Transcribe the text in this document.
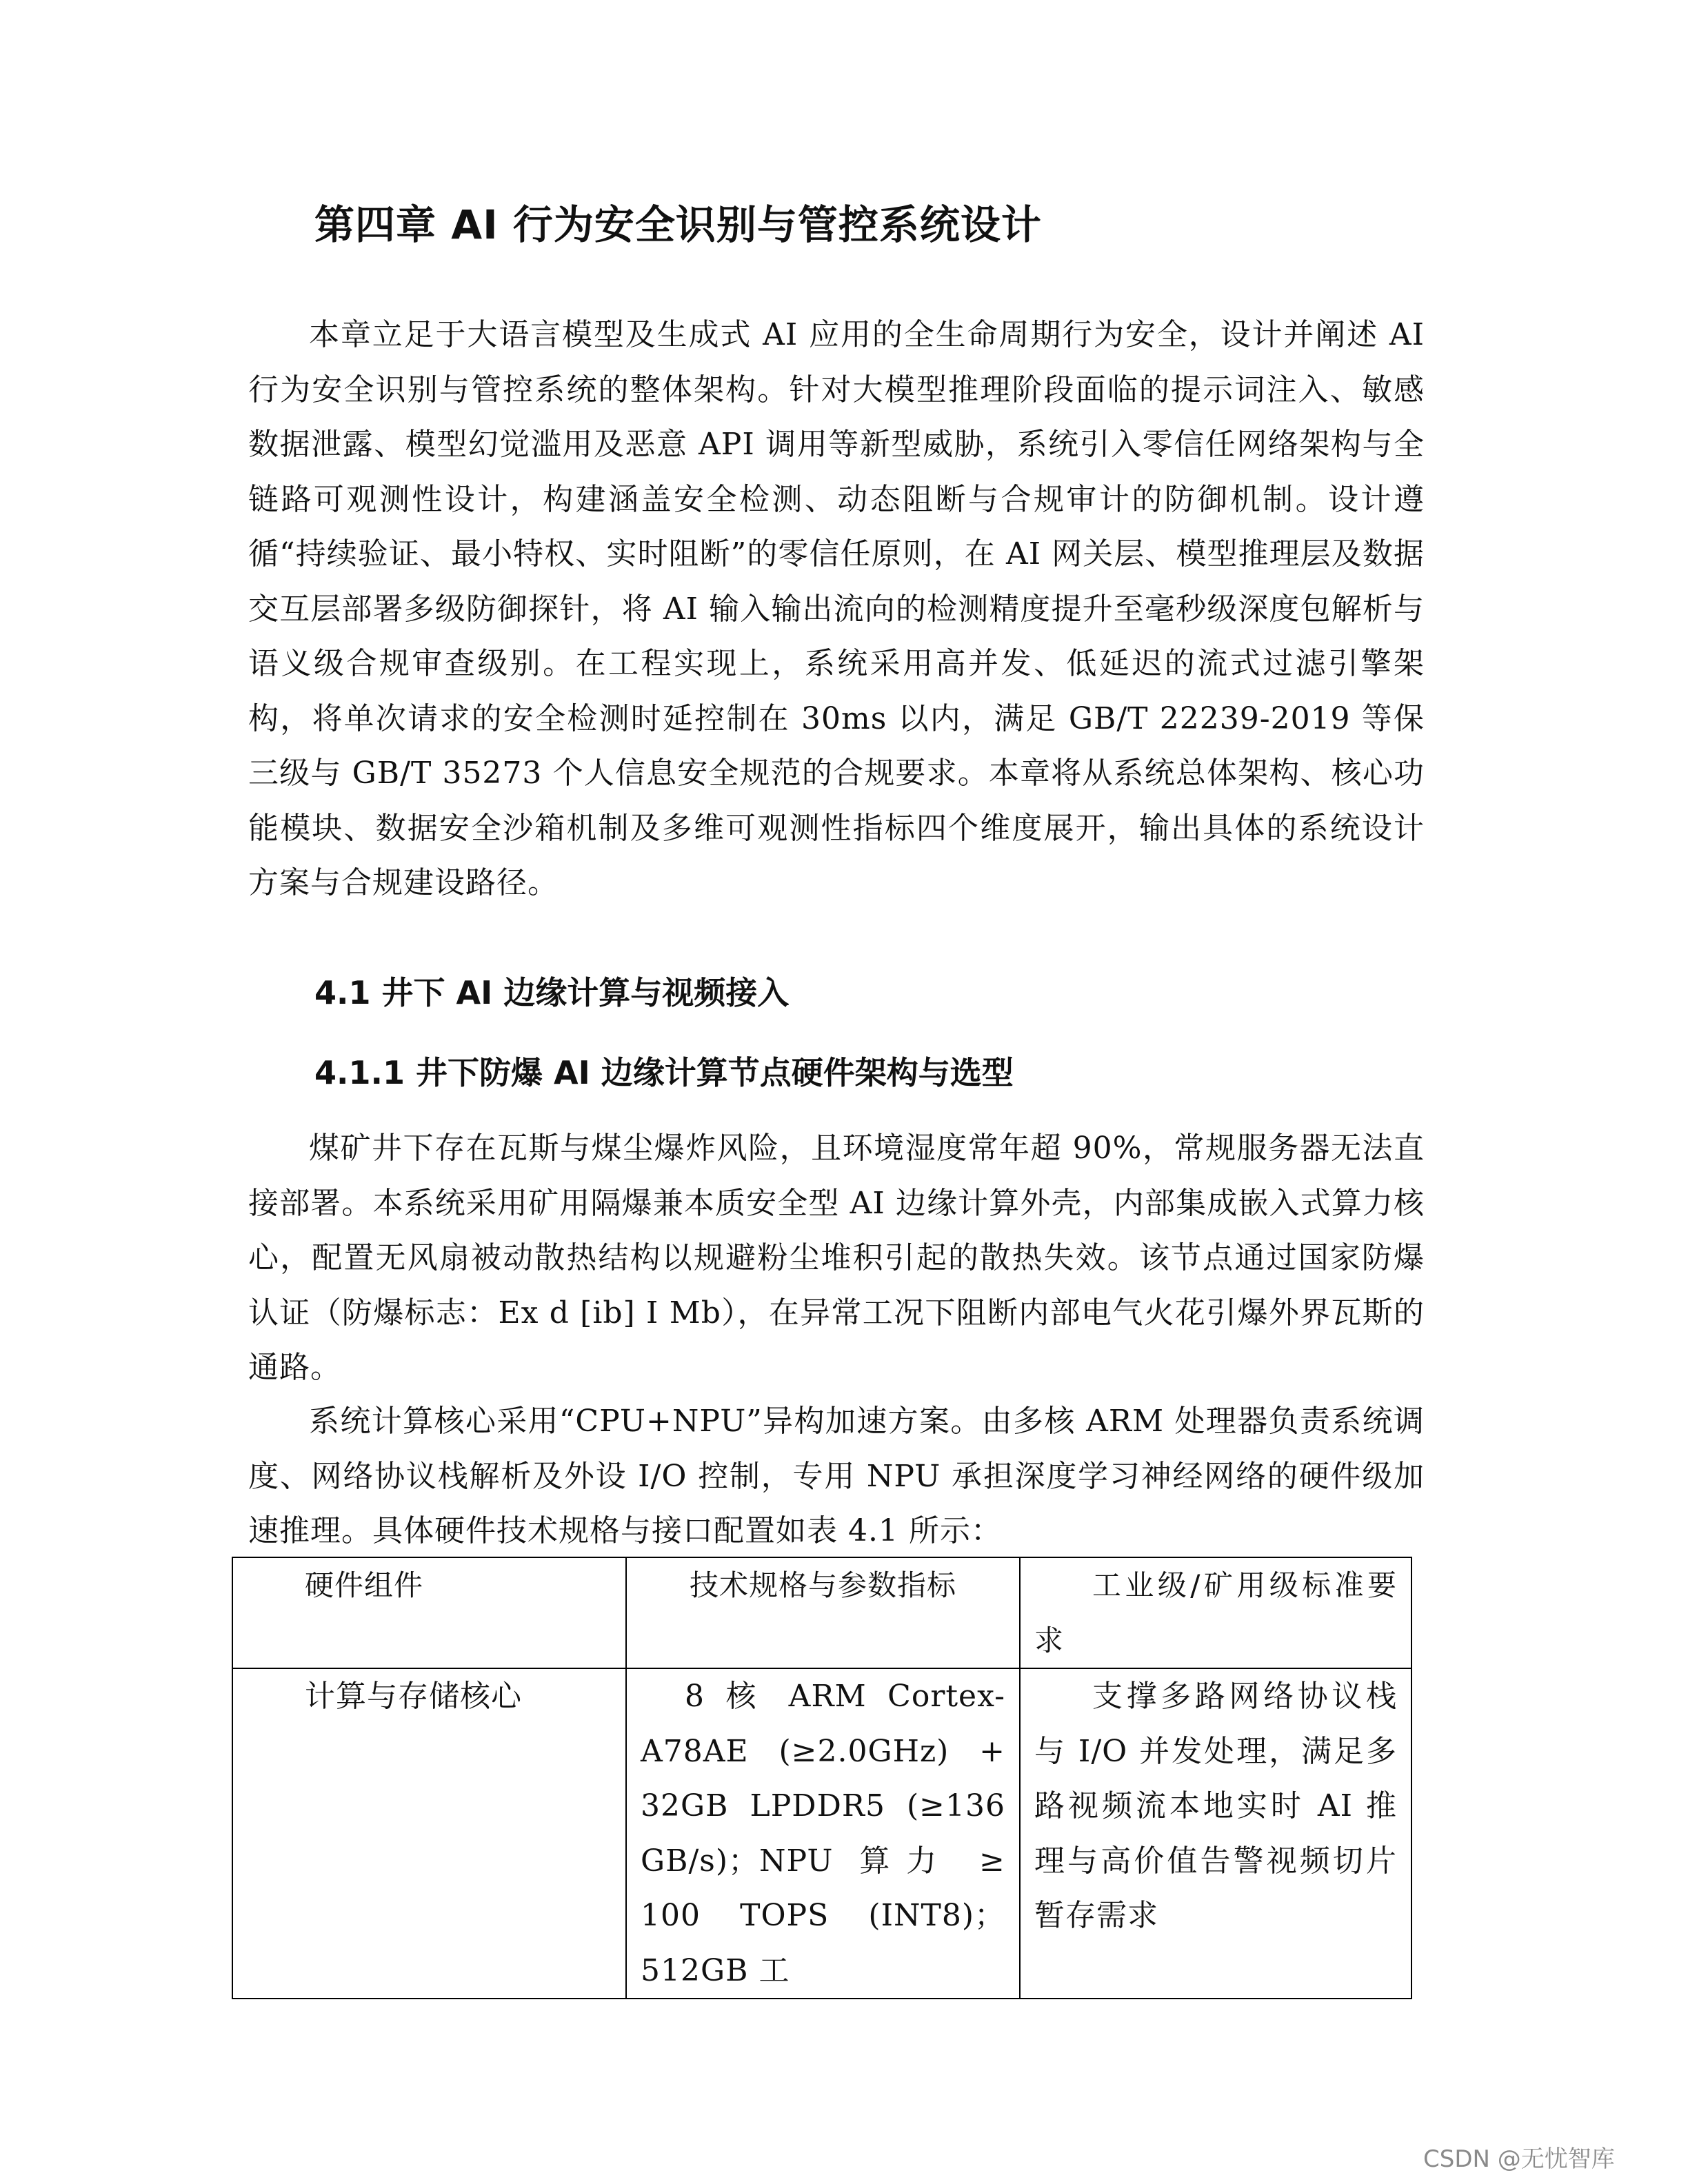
第四章 AI 行为安全识别与管控系统设计

本章立足于大语言模型及生成式 AI 应用的全生命周期行为安全，设计并阐述 AI 行为安全识别与管控系统的整体架构。针对大模型推理阶段面临的提示词注入、敏感数据泄露、模型幻觉滥用及恶意 API 调用等新型威胁，系统引入零信任网络架构与全链路可观测性设计，构建涵盖安全检测、动态阻断与合规审计的防御机制。设计遵循“持续验证、最小特权、实时阻断”的零信任原则，在 AI 网关层、模型推理层及数据交互层部署多级防御探针，将 AI 输入输出流向的检测精度提升至毫秒级深度包解析与语义级合规审查级别。在工程实现上，系统采用高并发、低延迟的流式过滤引擎架构，将单次请求的安全检测时延控制在 30ms 以内，满足 GB/T 22239-2019 等保三级与 GB/T 35273 个人信息安全规范的合规要求。本章将从系统总体架构、核心功能模块、数据安全沙箱机制及多维可观测性指标四个维度展开，输出具体的系统设计方案与合规建设路径。

4.1 井下 AI 边缘计算与视频接入
4.1.1 井下防爆 AI 边缘计算节点硬件架构与选型

煤矿井下存在瓦斯与煤尘爆炸风险，且环境湿度常年超 90%，常规服务器无法直接部署。本系统采用矿用隔爆兼本质安全型 AI 边缘计算外壳，内部集成嵌入式算力核心，配置无风扇被动散热结构以规避粉尘堆积引起的散热失效。该节点通过国家防爆认证（防爆标志：Ex d [ib] I Mb），在异常工况下阻断内部电气火花引爆外界瓦斯的通路。

系统计算核心采用“CPU+NPU”异构加速方案。由多核 ARM 处理器负责系统调度、网络协议栈解析及外设 I/O 控制，专用 NPU 承担深度学习神经网络的硬件级加速推理。具体硬件技术规格与接口配置如表 4.1 所示：

硬件组件	技术规格与参数指标	工业级/矿用级标准要求
计算与存储核心	8 核 ARM Cortex-A78AE (≥2.0GHz) + 32GB LPDDR5 (≥136 GB/s)；NPU 算力 ≥ 100 TOPS (INT8)；512GB 工	支撑多路网络协议栈与 I/O 并发处理，满足多路视频流本地实时 AI 推理与高价值告警视频切片暂存需求
CSDN @无忧智库
